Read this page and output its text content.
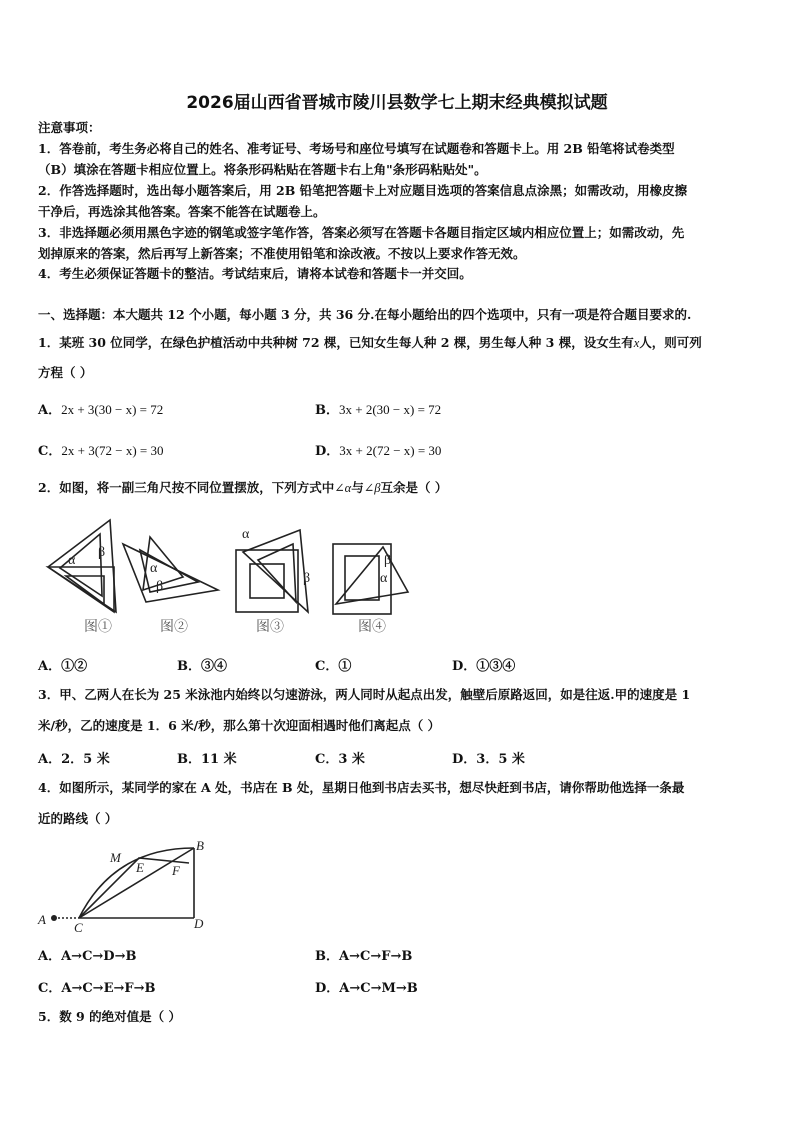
2026届山西省晋城市陵川县数学七上期末经典模拟试题
注意事项：
1．答卷前，考生务必将自己的姓名、准考证号、考场号和座位号填写在试题卷和答题卡上。用 2B 铅笔将试卷类型
（B）填涂在答题卡相应位置上。将条形码粘贴在答题卡右上角"条形码粘贴处"。
2．作答选择题时，选出每小题答案后，用 2B 铅笔把答题卡上对应题目选项的答案信息点涂黑；如需改动，用橡皮擦
干净后，再选涂其他答案。答案不能答在试题卷上。
3．非选择题必须用黑色字迹的钢笔或签字笔作答，答案必须写在答题卡各题目指定区域内相应位置上；如需改动，先
划掉原来的答案，然后再写上新答案；不准使用铅笔和涂改液。不按以上要求作答无效。
4．考生必须保证答题卡的整洁。考试结束后，请将本试卷和答题卡一并交回。
一、选择题：本大题共 12 个小题，每小题 3 分，共 36 分.在每小题给出的四个选项中，只有一项是符合题目要求的.
1．某班 30 位同学，在绿色护植活动中共种树 72 棵，已知女生每人种 2 棵，男生每人种 3 棵，设女生有x人，则可列
方程（ ）
A．2x + 3(30 − x) = 72	B．3x + 2(30 − x) = 72
C．2x + 3(72 − x) = 30	D．3x + 2(72 − x) = 30
2．如图，将一副三角尺按不同位置摆放，下列方式中∠α与∠β互余是（ ）
α
β
α
β
α
β
β
α
图①	图②	图③	图④
A．①②	B．③④	C．①	D．①③④
3．甲、乙两人在长为 25 米泳池内始终以匀速游泳，两人同时从起点出发，触壁后原路返回，如是往返.甲的速度是 1
米/秒，乙的速度是 1．6 米/秒，那么第十次迎面相遇时他们离起点（ ）
A．2．5 米	B．11 米	C．3 米	D．3．5 米
4．如图所示，某同学的家在 A 处，书店在 B 处，星期日他到书店去买书，想尽快赶到书店，请你帮助他选择一条最
近的路线（ ）
A
B
C	D
E F
M
A．A→C→D→B	B．A→C→F→B
C．A→C→E→F→B	D．A→C→M→B
5．数 9 的绝对值是（ ）
